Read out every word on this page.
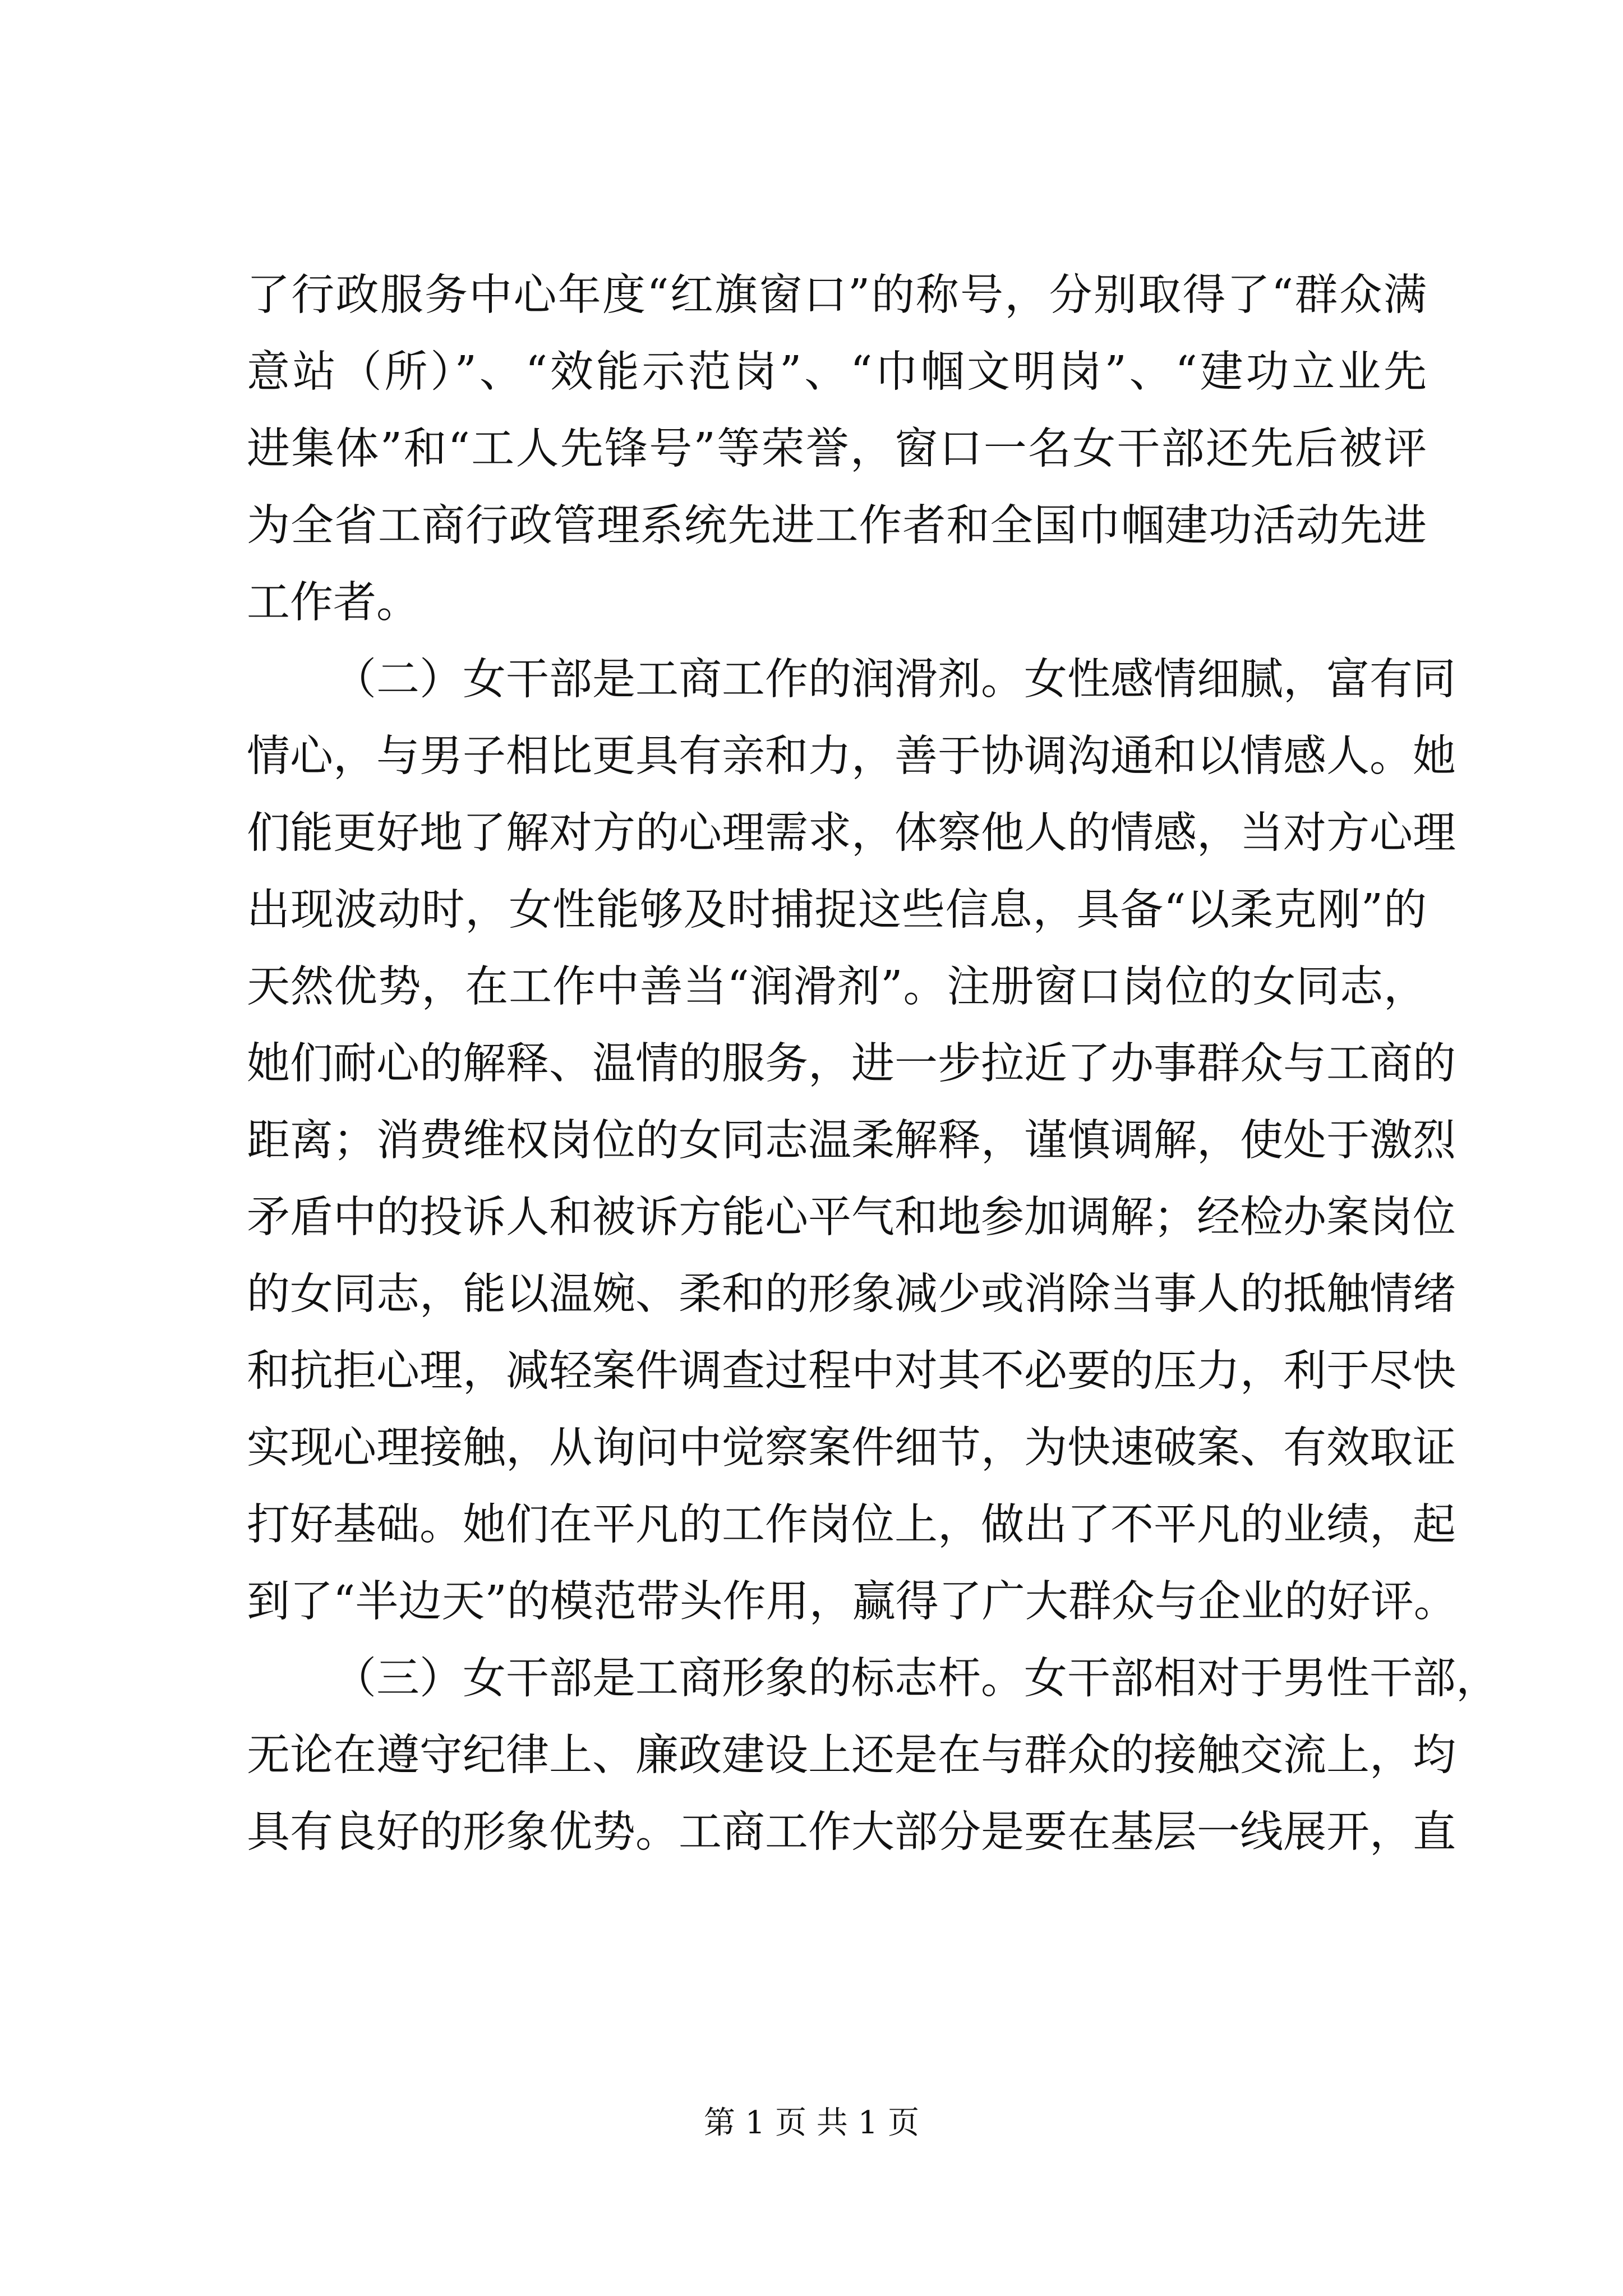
了行政服务中心年度“红旗窗口”的称号，分别取得了“群众满
意站（所）”、“效能示范岗”、“巾帼文明岗”、“建功立业先
进集体”和“工人先锋号”等荣誉，窗口一名女干部还先后被评
为全省工商行政管理系统先进工作者和全国巾帼建功活动先进
工作者。
（二）女干部是工商工作的润滑剂。女性感情细腻，富有同
情心，与男子相比更具有亲和力，善于协调沟通和以情感人。她
们能更好地了解对方的心理需求，体察他人的情感，当对方心理
出现波动时，女性能够及时捕捉这些信息，具备“以柔克刚”的
天然优势，在工作中善当“润滑剂”。注册窗口岗位的女同志，
她们耐心的解释、温情的服务，进一步拉近了办事群众与工商的
距离；消费维权岗位的女同志温柔解释，谨慎调解，使处于激烈
矛盾中的投诉人和被诉方能心平气和地参加调解；经检办案岗位
的女同志，能以温婉、柔和的形象减少或消除当事人的抵触情绪
和抗拒心理，减轻案件调查过程中对其不必要的压力，利于尽快
实现心理接触，从询问中觉察案件细节，为快速破案、有效取证
打好基础。她们在平凡的工作岗位上，做出了不平凡的业绩，起
到了“半边天”的模范带头作用，赢得了广大群众与企业的好评。
（三）女干部是工商形象的标志杆。女干部相对于男性干部，
无论在遵守纪律上、廉政建设上还是在与群众的接触交流上，均
具有良好的形象优势。工商工作大部分是要在基层一线展开，直
第 1 页 共 1 页
